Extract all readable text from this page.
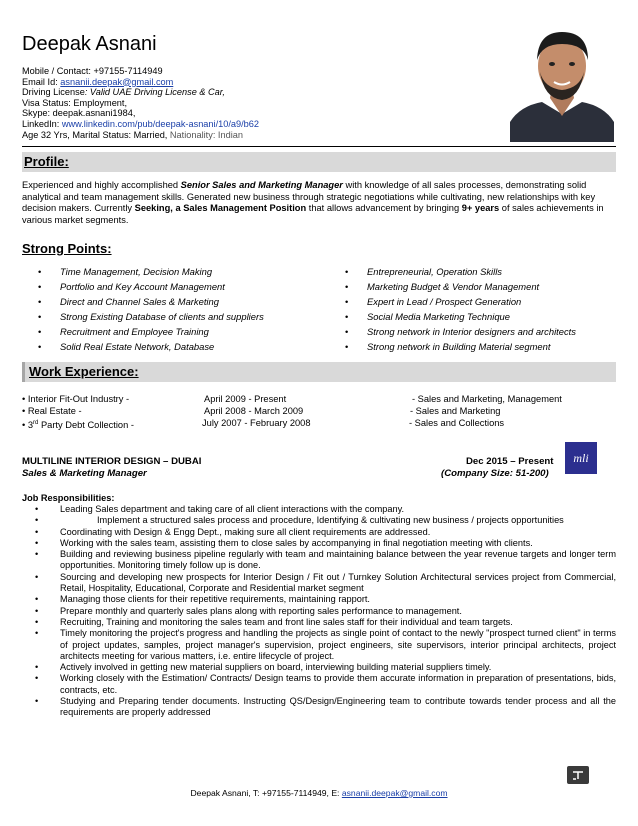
Deepak Asnani
Mobile / Contact: +97155-7114949
Email Id: asnanii.deepak@gmail.com
Driving License: Valid UAE Driving License & Car,
Visa Status: Employment,
Skype: deepak.asnani1984,
LinkedIn: www.linkedin.com/pub/deepak-asnani/10/a9/b62
Age 32 Yrs, Marital Status: Married, Nationality: Indian
Profile:
Experienced and highly accomplished Senior Sales and Marketing Manager with knowledge of all sales processes, demonstrating solid analytical and team management skills. Generated new business through strategic negotiations while cultivating, new relationships with key decision makers. Currently Seeking, a Sales Management Position that allows advancement by bringing 9+ years of sales achievements in various market segments.
Strong Points:
• Time Management, Decision Making
• Portfolio and Key Account Management
• Direct and Channel Sales & Marketing
• Strong Existing Database of clients and suppliers
• Recruitment and Employee Training
• Solid Real Estate Network, Database
• Entrepreneurial, Operation Skills
• Marketing Budget & Vendor Management
• Expert in Lead / Prospect Generation
• Social Media Marketing Technique
• Strong network in Interior designers and architects
• Strong network in Building Material segment
Work Experience:
• Interior Fit-Out Industry -	April 2009 - Present	- Sales and Marketing, Management
• Real Estate -	April 2008 - March 2009	- Sales and Marketing
• 3rd Party Debt Collection -	July 2007 - February 2008	- Sales and Collections
MULTILINE INTERIOR DESIGN – DUBAI	Dec 2015 – Present
Sales & Marketing Manager	(Company Size: 51-200)
mli
Job Responsibilities:
• Leading Sales department and taking care of all client interactions with the company.
• Implement a structured sales process and procedure, Identifying & cultivating new business / projects opportunities
• Coordinating with Design & Engg Dept., making sure all client requirements are addressed.
• Working with the sales team, assisting them to close sales by accompanying in final negotiation meeting with clients.
• Building and reviewing business pipeline regularly with team and maintaining balance between the year revenue targets and longer term opportunities. Monitoring timely follow up is done.
• Sourcing and developing new prospects for Interior Design / Fit out / Turnkey Solution Architectural services project from Commercial, Retail, Hospitality, Educational, Corporate and Residential market segment
• Managing those clients for their repetitive requirements, maintaining rapport.
• Prepare monthly and quarterly sales plans along with reporting sales performance to management.
• Recruiting, Training and monitoring the sales team and front line sales staff for their individual and team targets.
• Timely monitoring the project's progress and handling the projects as single point of contact to the newly "prospect turned client" in terms of project updates, samples, project manager's supervision, project engineers, site supervisors, interior principal architects, project architects meeting for various matters, i.e. entire lifecycle of project.
• Actively involved in getting new material suppliers on board, interviewing building material suppliers timely.
• Working closely with the Estimation/ Contracts/ Design teams to provide them accurate information in preparation of presentations, bids, contracts, etc.
• Studying and Preparing tender documents. Instructing QS/Design/Engineering team to contribute towards tender process and all the requirements are properly addressed
Deepak Asnani, T: +97155-7114949, E: asnanii.deepak@gmail.com
